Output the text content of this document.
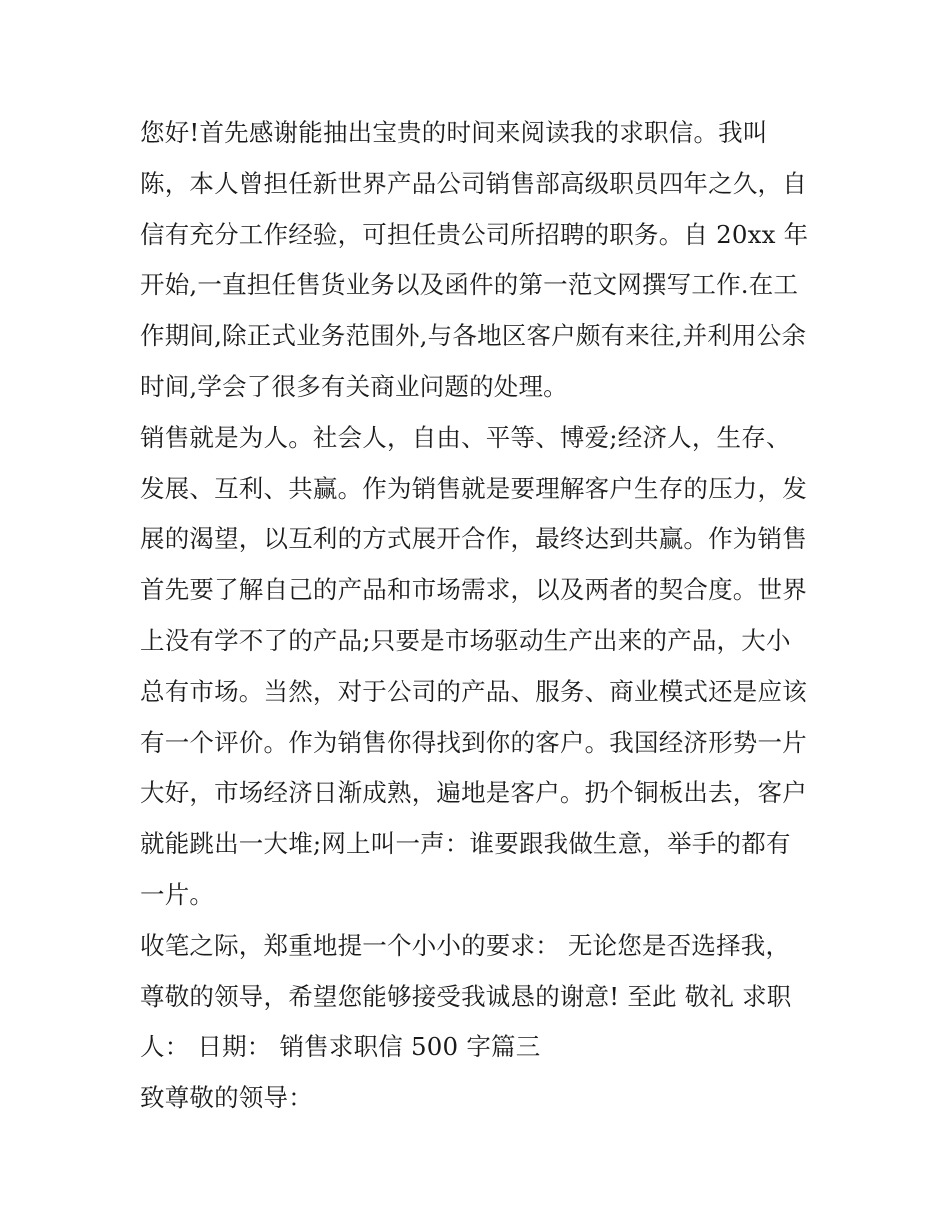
您好!首先感谢能抽出宝贵的时间来阅读我的求职信。我叫
陈，本人曾担任新世界产品公司销售部高级职员四年之久，自
信有充分工作经验，可担任贵公司所招聘的职务。自 20xx 年
开始,一直担任售货业务以及函件的第一范文网撰写工作.在工
作期间,除正式业务范围外,与各地区客户颇有来往,并利用公余
时间,学会了很多有关商业问题的处理。
销售就是为人。社会人，自由、平等、博爱;经济人，生存、
发展、互利、共赢。作为销售就是要理解客户生存的压力，发
展的渴望，以互利的方式展开合作，最终达到共赢。作为销售
首先要了解自己的产品和市场需求，以及两者的契合度。世界
上没有学不了的产品;只要是市场驱动生产出来的产品，大小
总有市场。当然，对于公司的产品、服务、商业模式还是应该
有一个评价。作为销售你得找到你的客户。我国经济形势一片
大好，市场经济日渐成熟，遍地是客户。扔个铜板出去，客户
就能跳出一大堆;网上叫一声：谁要跟我做生意，举手的都有
一片。
收笔之际，郑重地提一个小小的要求： 无论您是否选择我，
尊敬的领导，希望您能够接受我诚恳的谢意! 至此 敬礼 求职
人： 日期： 销售求职信 500 字篇三
致尊敬的领导：
